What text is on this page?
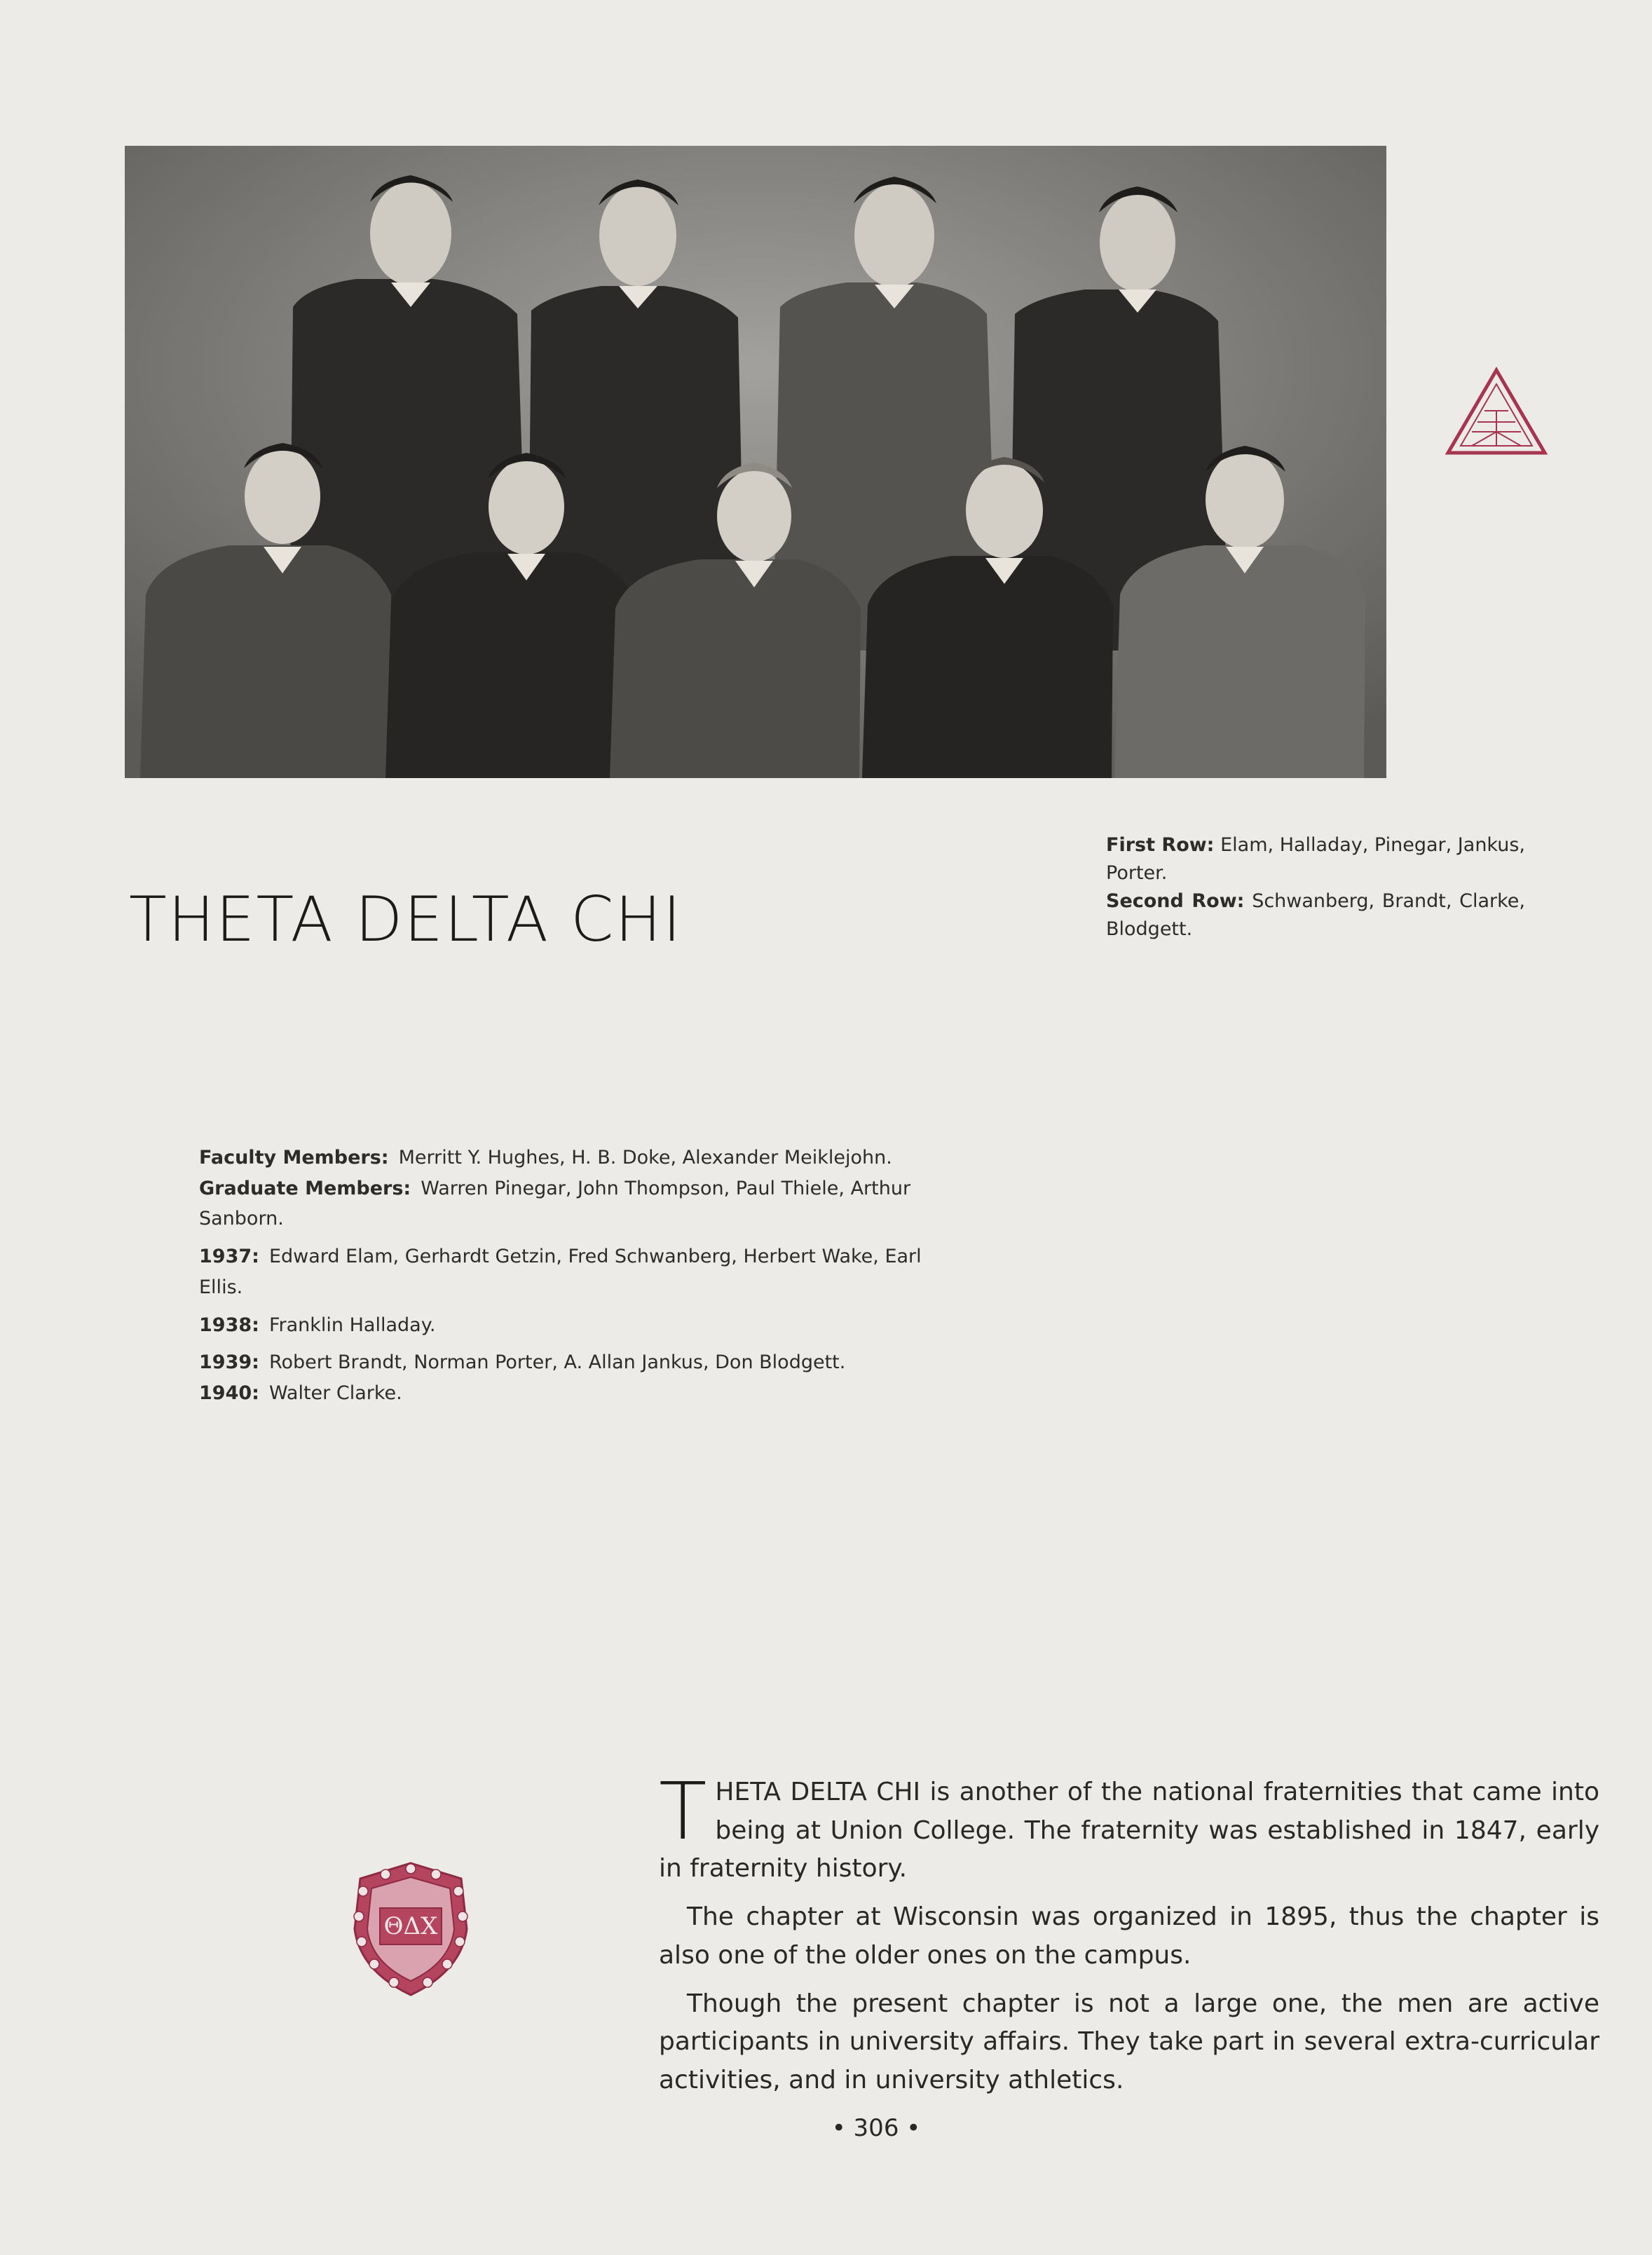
THETA DELTA CHI
First Row: Elam, Halladay, Pinegar, Jankus, Porter.
Second Row: Schwanberg, Brandt, Clarke, Blodgett.

Faculty Members: Merritt Y. Hughes, H. B. Doke, Alexander Meiklejohn.
Graduate Members: Warren Pinegar, John Thompson, Paul Thiele, Arthur Sanborn.

1937: Edward Elam, Gerhardt Getzin, Fred Schwanberg, Herbert Wake, Earl Ellis.

1938: Franklin Halladay.

1939: Robert Brandt, Norman Porter, A. Allan Jankus, Don Blodgett.
1940: Walter Clarke.

ΘΔΧ

THETA DELTA CHI is another of the national fraternities that came into being at Union College. The fraternity was established in 1847, early in fraternity history.

The chapter at Wisconsin was organized in 1895, thus the chapter is also one of the older ones on the campus.

Though the present chapter is not a large one, the men are active participants in university affairs. They take part in several extra-curricular activities, and in university athletics.

• 306 •
